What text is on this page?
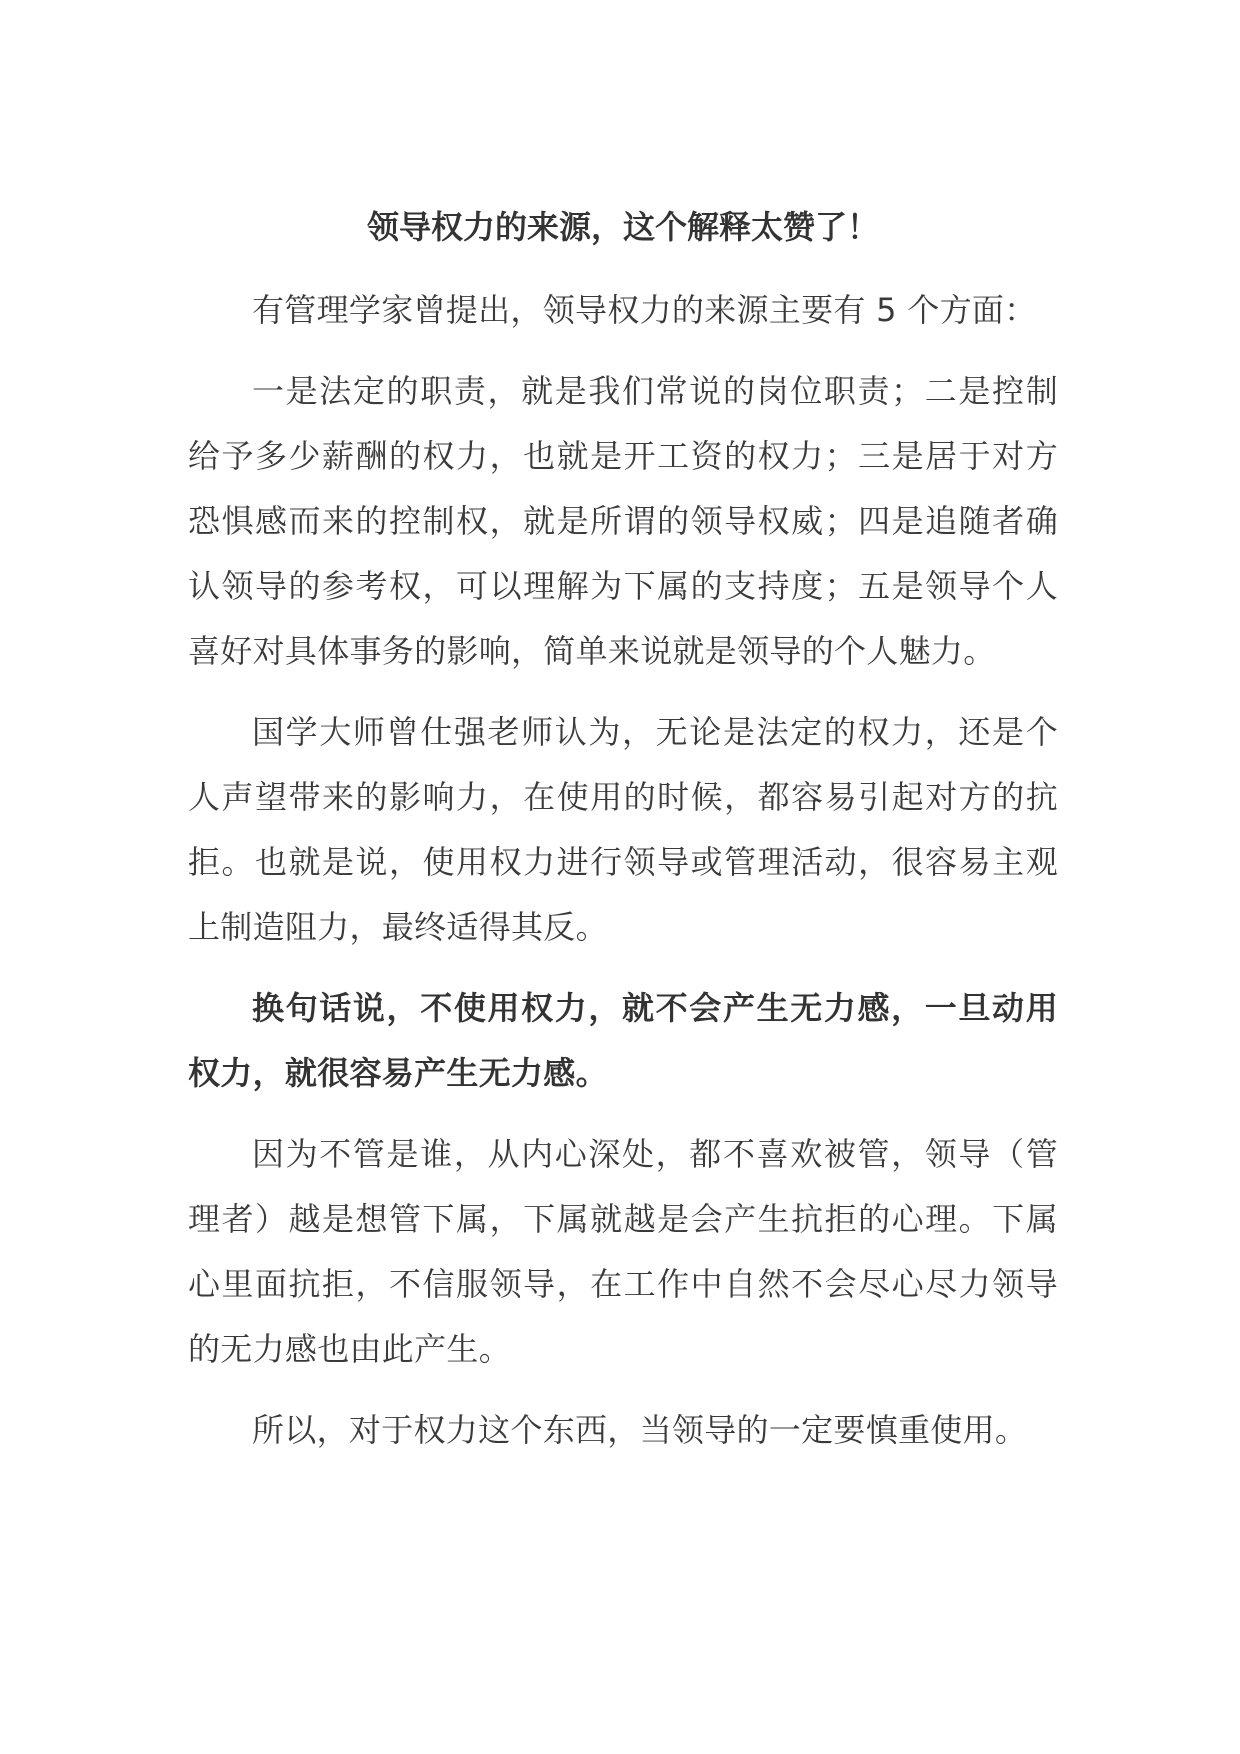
领导权力的来源，这个解释太赞了！

有管理学家曾提出，领导权力的来源主要有 5 个方面：

一是法定的职责，就是我们常说的岗位职责；二是控制给予多少薪酬的权力，也就是开工资的权力；三是居于对方恐惧感而来的控制权，就是所谓的领导权威；四是追随者确认领导的参考权，可以理解为下属的支持度；五是领导个人喜好对具体事务的影响，简单来说就是领导的个人魅力。

国学大师曾仕强老师认为，无论是法定的权力，还是个人声望带来的影响力，在使用的时候，都容易引起对方的抗拒。也就是说，使用权力进行领导或管理活动，很容易主观上制造阻力，最终适得其反。

换句话说，不使用权力，就不会产生无力感，一旦动用权力，就很容易产生无力感。

因为不管是谁，从内心深处，都不喜欢被管，领导（管理者）越是想管下属，下属就越是会产生抗拒的心理。下属心里面抗拒，不信服领导，在工作中自然不会尽心尽力领导的无力感也由此产生。

所以，对于权力这个东西，当领导的一定要慎重使用。
